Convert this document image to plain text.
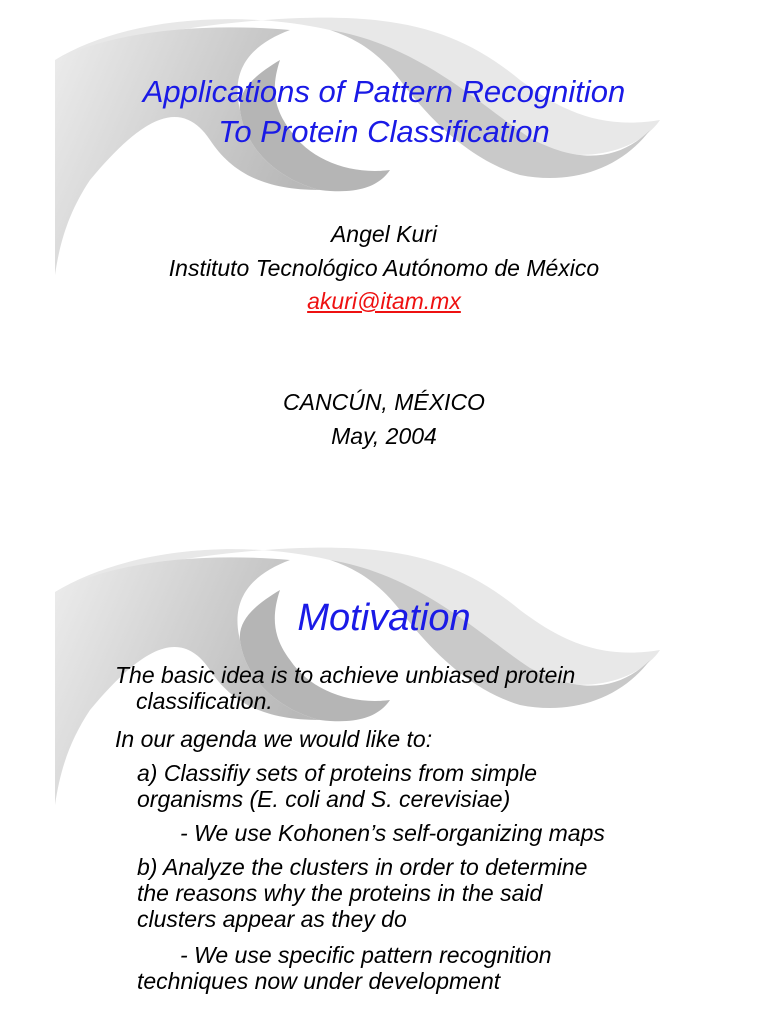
Applications of Pattern Recognition
To Protein Classification
Angel Kuri
Instituto Tecnológico Autónomo de México
akuri@itam.mx
CANCÚN, MÉXICO
May, 2004
Motivation
The basic idea is to achieve unbiased protein
classification.
In our agenda we would like to:
a) Classifiy sets of proteins from simple
organisms (E. coli and S. cerevisiae)
- We use Kohonen’s self-organizing maps
b) Analyze the clusters in order to determine
the reasons why the proteins in the said
clusters appear as they do
- We use specific pattern recognition
techniques now under development
